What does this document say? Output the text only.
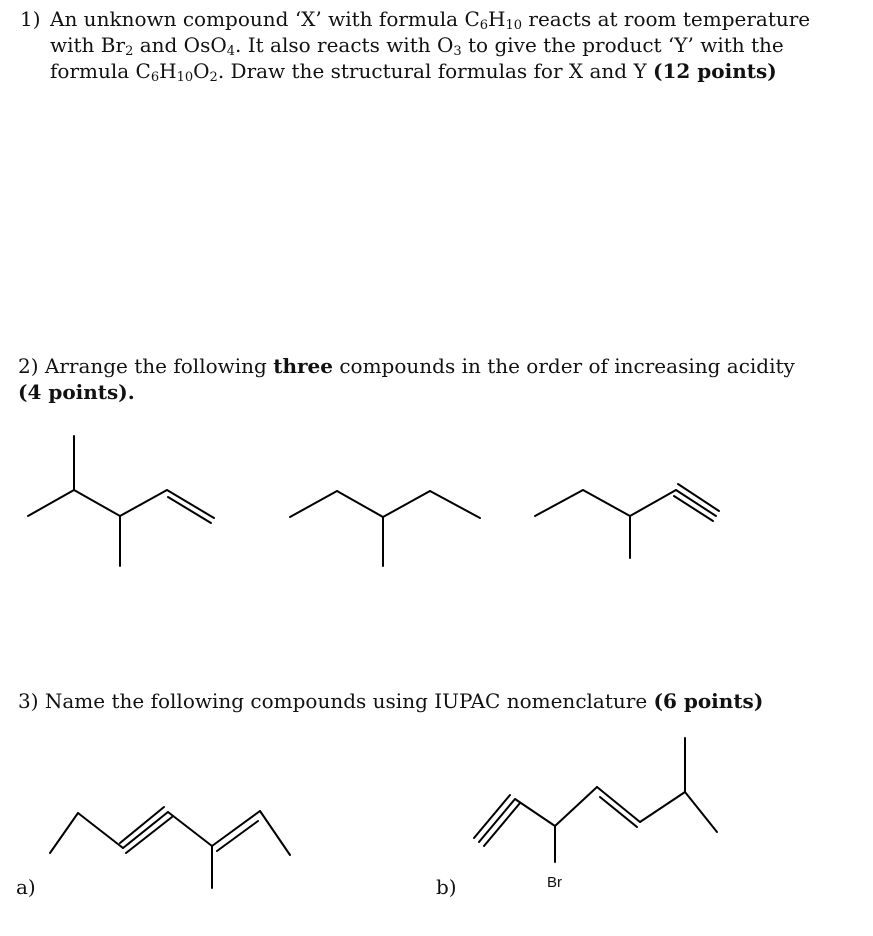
1) An unknown compound ‘X’ with formula $C_6H_{10}$ reacts at room temperature with $Br_2$ and OsO$_4$. It also reacts with $O_3$ to give the product ‘Y’ with the formula $C_6H_{10}O_2$. Draw the structural formulas for X and Y (12 points)
2) Arrange the following three compounds in the order of increasing acidity
(4 points).
3) Name the following compounds using IUPAC nomenclature (6 points)
a)	b)	Br
